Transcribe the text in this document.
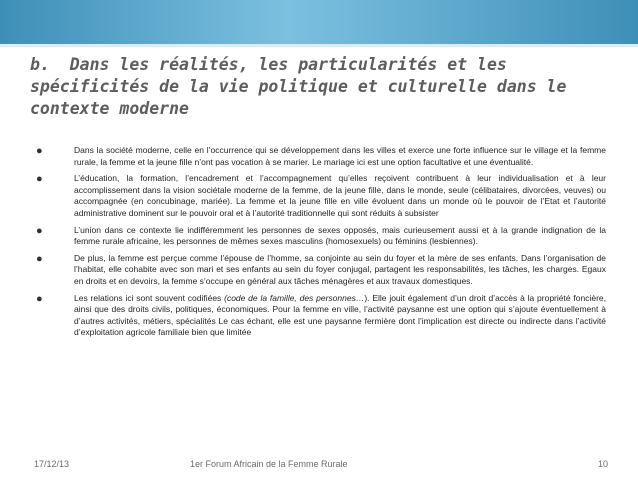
b.  Dans les réalités, les particularités et les spécificités de la vie politique et culturelle dans le contexte moderne
●	Dans la société moderne, celle en l’occurrence qui se développement dans les villes et exerce une forte influence sur le village et la femme rurale, la femme et la jeune fille n’ont pas vocation à se marier. Le mariage ici est une option facultative et une éventualité.
●	L’éducation, la formation, l’encadrement et l’accompagnement qu’elles reçoivent contribuent à leur individualisation et à leur accomplissement dans la vision sociétale moderne de la femme, de la jeune fille, dans le monde, seule (célibataires, divorcées, veuves) ou accompagnée (en concubinage, mariée). La femme et la jeune fille en ville évoluent dans un monde où le pouvoir de l’Etat et l’autorité administrative dominent sur le pouvoir oral et à l’autorité traditionnelle qui sont réduits à subsister
●	L’union dans ce contexte lie indifféremment les personnes de sexes opposés, mais curieusement aussi et à la grande indignation de la femme rurale africaine, les personnes de mêmes sexes masculins (homosexuels) ou féminins (lesbiennes).
●	De plus, la femme est perçue comme l’épouse de l’homme, sa conjointe au sein du foyer et la mère de ses enfants. Dans l’organisation de l’habitat, elle cohabite avec son mari et ses enfants au sein du foyer conjugal, partagent les responsabilités, les tâches, les charges. Egaux en droits et en devoirs, la femme s’occupe en général aux tâches ménagères et aux travaux domestiques.
●	Les relations ici sont souvent codifiées (code de la famille, des personnes…). Elle jouit également d’un droit d’accès à la propriété foncière, ainsi que des droits civils, politiques, économiques. Pour la femme en ville, l’activité paysanne est une option qui s’ajoute éventuellement à d’autres activités, métiers, spécialités Le cas échant, elle est une paysanne fermière dont l’implication est directe ou indirecte dans l’activité d’exploitation agricole familiale bien que limitée
17/12/13	1er Forum Africain de la Femme Rurale	10
